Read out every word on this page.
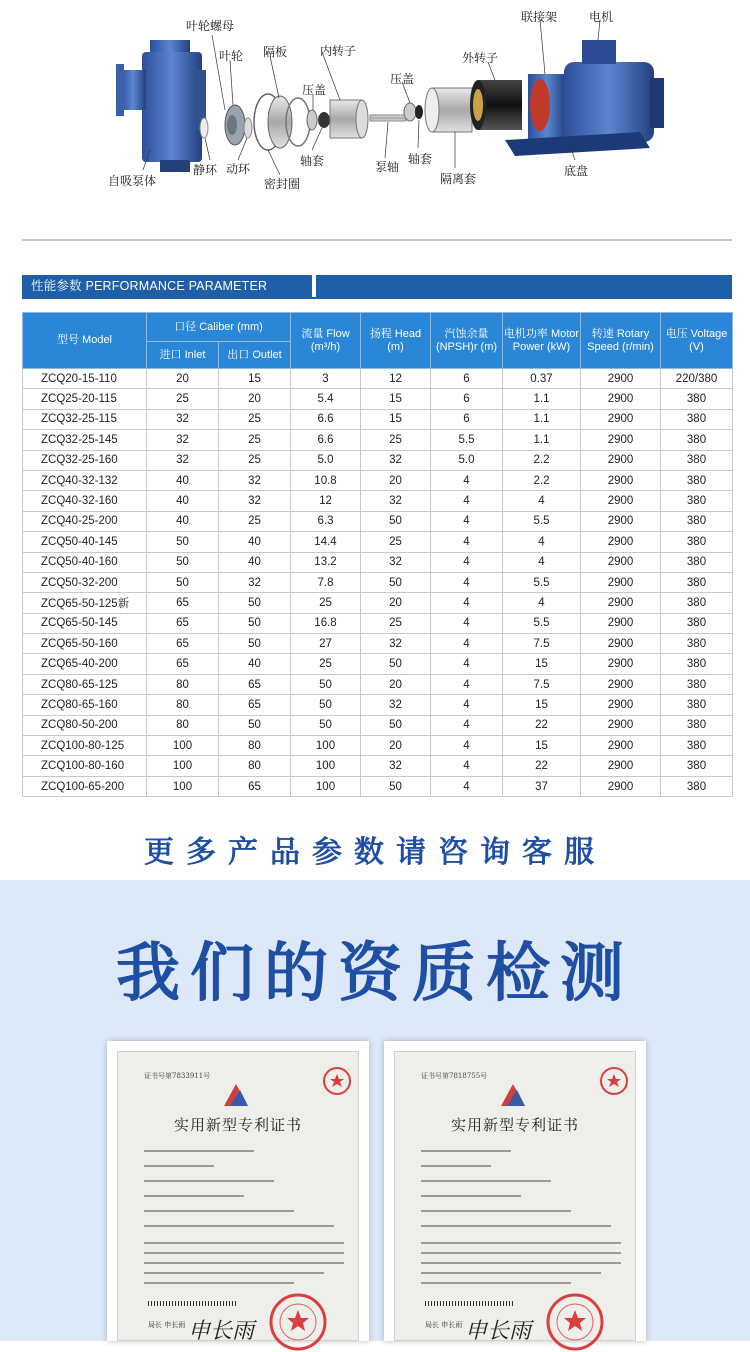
自吸泵体
叶轮螺母
叶轮
静环 动环
隔板
密封圈
内转子
压盖
轴套	泵轴
压盖
轴套
外转子
隔离套
联接架	电机
底盘
性能参数 PERFORMANCE PARAMETER
型号 Model	口径 Caliber (mm)		流量 Flow (m³/h)	扬程 Head (m)	汽蚀余量 (NPSH)r (m)	电机功率 Motor Power (kW)	转速 Rotary Speed (r/min)	电压 Voltage (V)
	进口 Inlet	出口 Outlet						
ZCQ20-15-110	20	15	3	12	6	0.37	2900	220/380
ZCQ25-20-115	25	20	5.4	15	6	1.1	2900	380
ZCQ32-25-115	32	25	6.6	15	6	1.1	2900	380
ZCQ32-25-145	32	25	6.6	25	5.5	1.1	2900	380
ZCQ32-25-160	32	25	5.0	32	5.0	2.2	2900	380
ZCQ40-32-132	40	32	10.8	20	4	2.2	2900	380
ZCQ40-32-160	40	32	12	32	4	4	2900	380
ZCQ40-25-200	40	25	6.3	50	4	5.5	2900	380
ZCQ50-40-145	50	40	14.4	25	4	4	2900	380
ZCQ50-40-160	50	40	13.2	32	4	4	2900	380
ZCQ50-32-200	50	32	7.8	50	4	5.5	2900	380
ZCQ65-50-125新	65	50	25	20	4	4	2900	380
ZCQ65-50-145	65	50	16.8	25	4	5.5	2900	380
ZCQ65-50-160	65	50	27	32	4	7.5	2900	380
ZCQ65-40-200	65	40	25	50	4	15	2900	380
ZCQ80-65-125	80	65	50	20	4	7.5	2900	380
ZCQ80-65-160	80	65	50	32	4	15	2900	380
ZCQ80-50-200	80	50	50	50	4	22	2900	380
ZCQ100-80-125	100	80	100	20	4	15	2900	380
ZCQ100-80-160	100	80	100	32	4	22	2900	380
ZCQ100-65-200	100	65	100	50	4	37	2900	380
更多产品参数请咨询客服
我们的资质检测
证书号第7833911号
实用新型专利证书
局长 申长雨 申长雨
证书号第7818755号
实用新型专利证书
局长 申长雨 申长雨
